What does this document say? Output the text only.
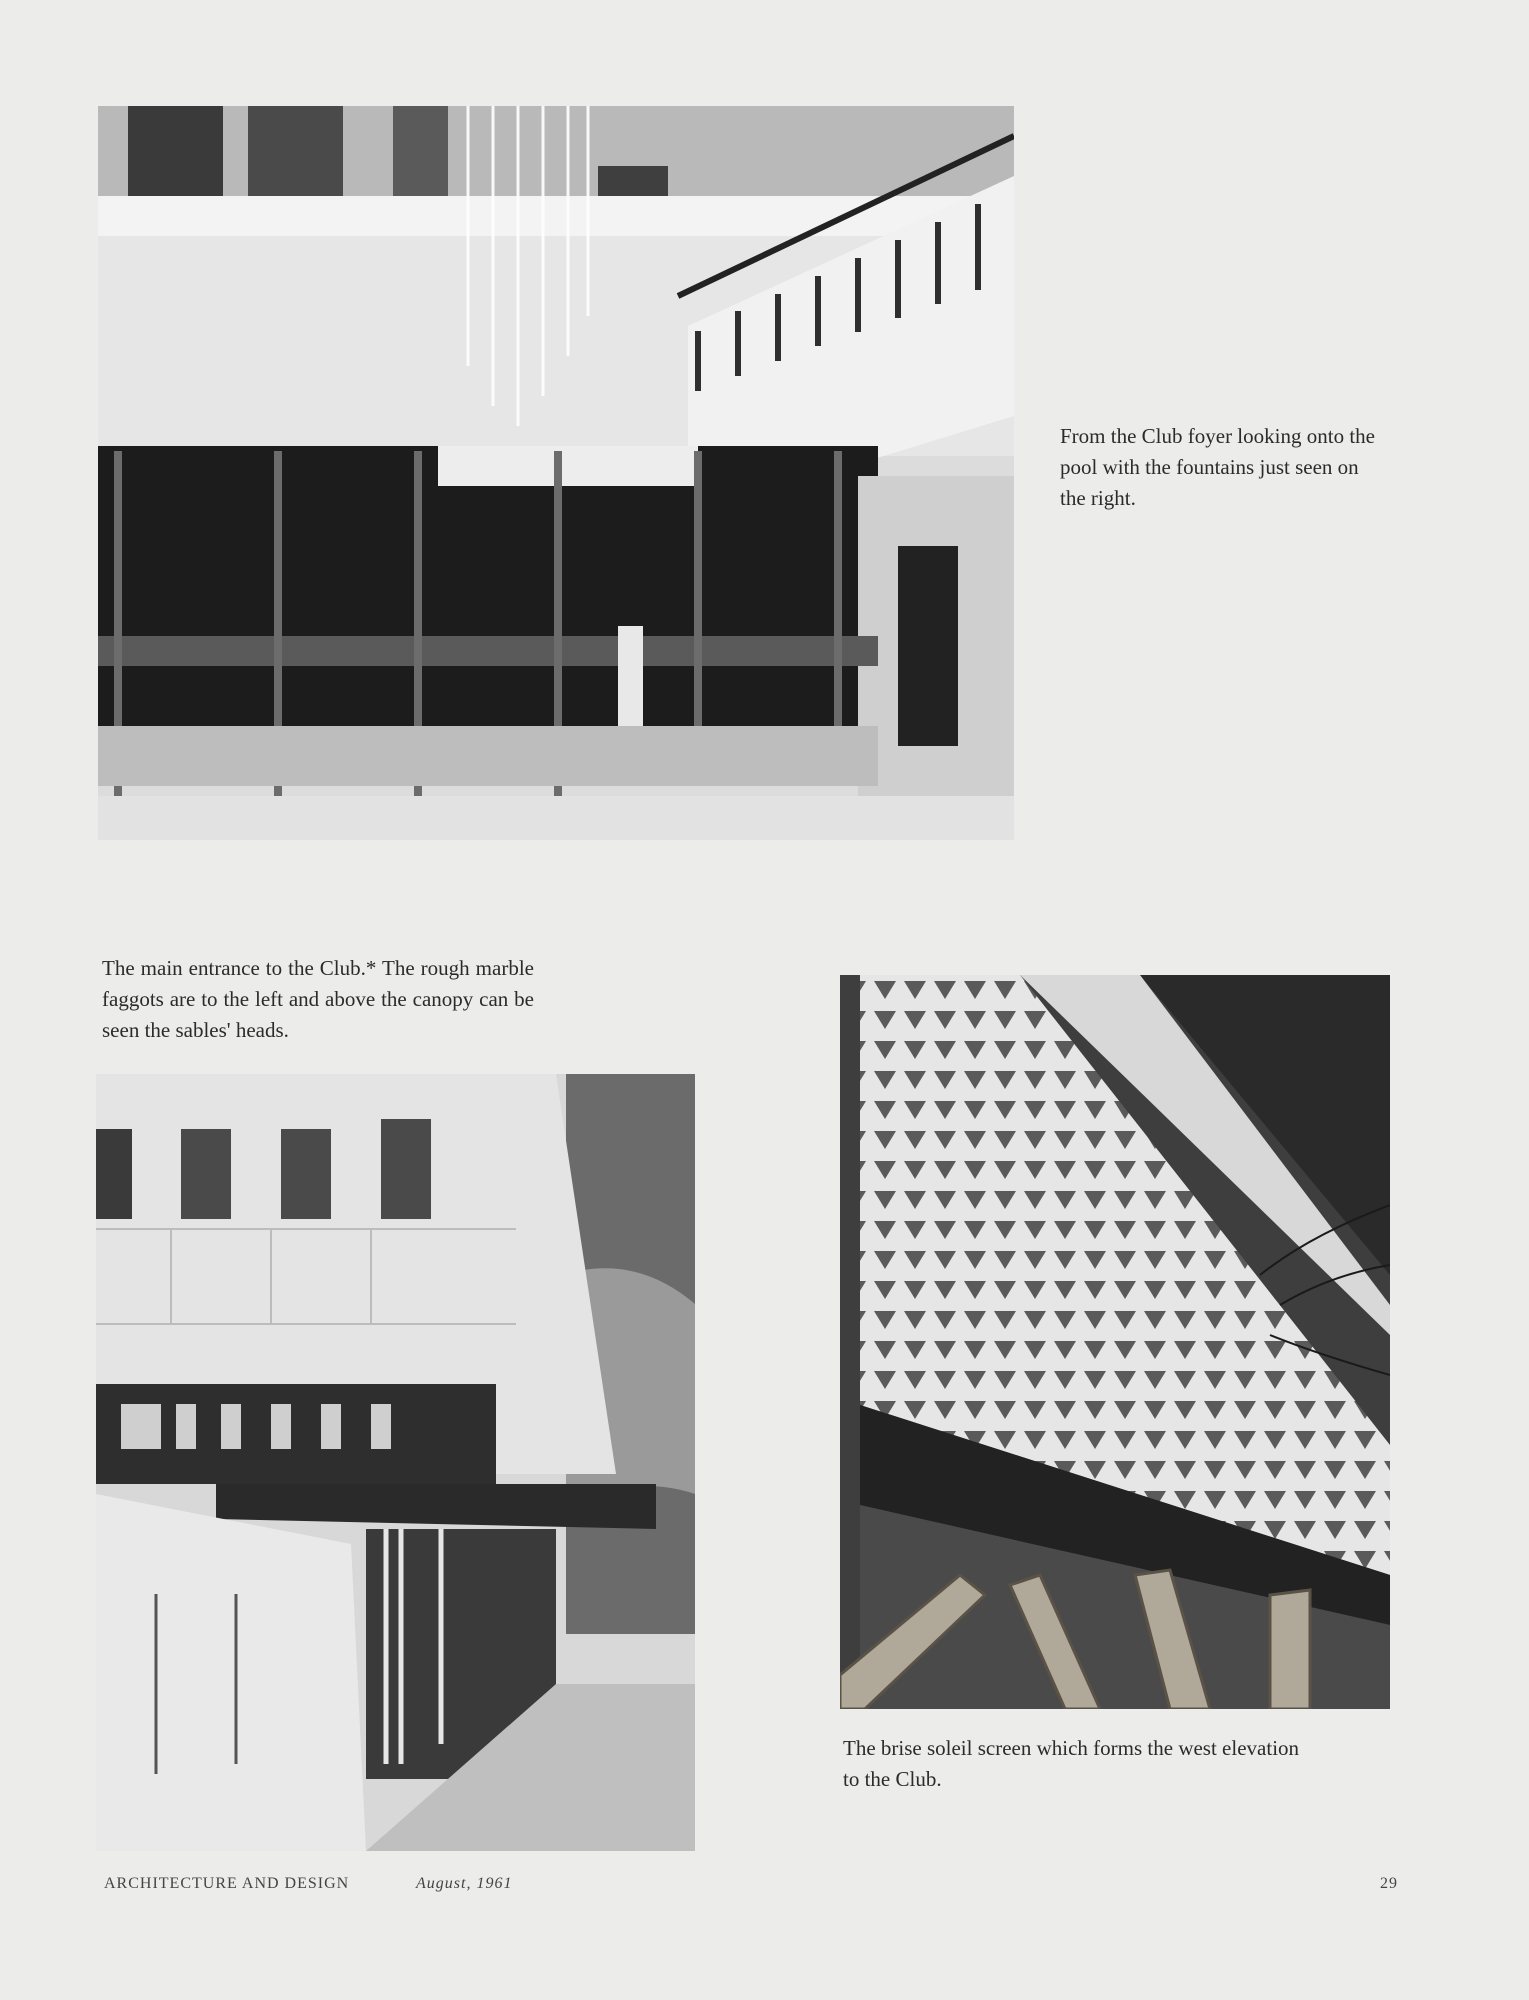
From the Club foyer looking onto the pool with the fountains just seen on the right.
The main entrance to the Club.* The rough marble faggots are to the left and above the canopy can be seen the sables' heads.
The brise soleil screen which forms the west elevation to the Club.
ARCHITECTURE AND DESIGN	August, 1961	29
